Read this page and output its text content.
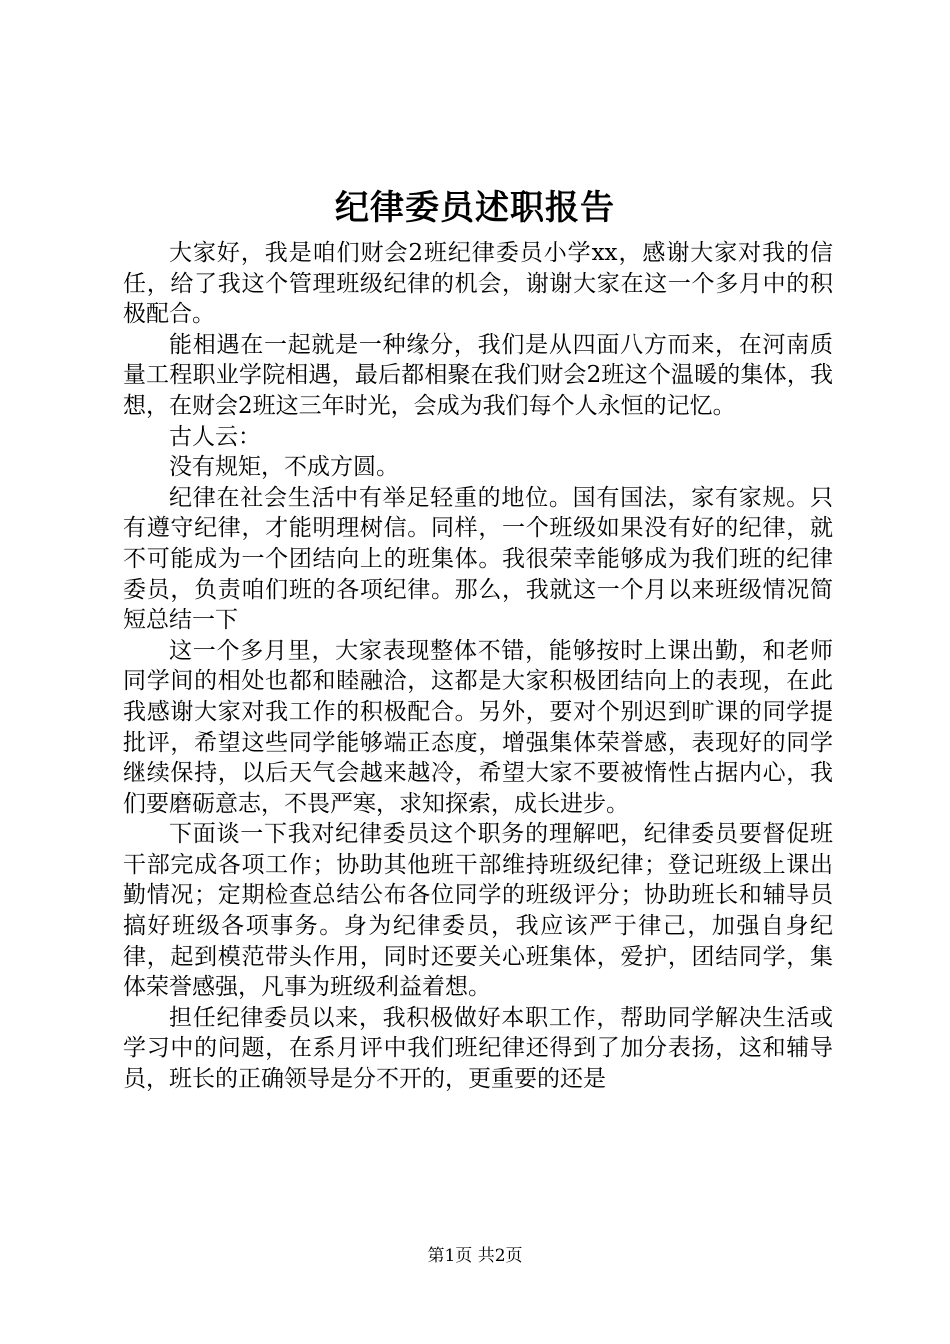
纪律委员述职报告

大家好，我是咱们财会2班纪律委员小学xx，感谢大家对我的信任，给了我这个管理班级纪律的机会，谢谢大家在这一个多月中的积极配合。

能相遇在一起就是一种缘分，我们是从四面八方而来，在河南质量工程职业学院相遇，最后都相聚在我们财会2班这个温暖的集体，我想，在财会2班这三年时光，会成为我们每个人永恒的记忆。

古人云：

没有规矩，不成方圆。

纪律在社会生活中有举足轻重的地位。国有国法，家有家规。只有遵守纪律，才能明理树信。同样，一个班级如果没有好的纪律，就不可能成为一个团结向上的班集体。我很荣幸能够成为我们班的纪律委员，负责咱们班的各项纪律。那么，我就这一个月以来班级情况简短总结一下

这一个多月里，大家表现整体不错，能够按时上课出勤，和老师同学间的相处也都和睦融洽，这都是大家积极团结向上的表现，在此我感谢大家对我工作的积极配合。另外，要对个别迟到旷课的同学提批评，希望这些同学能够端正态度，增强集体荣誉感，表现好的同学继续保持，以后天气会越来越冷，希望大家不要被惰性占据内心，我们要磨砺意志，不畏严寒，求知探索，成长进步。

下面谈一下我对纪律委员这个职务的理解吧，纪律委员要督促班干部完成各项工作；协助其他班干部维持班级纪律；登记班级上课出勤情况；定期检查总结公布各位同学的班级评分；协助班长和辅导员搞好班级各项事务。身为纪律委员，我应该严于律己，加强自身纪律，起到模范带头作用，同时还要关心班集体，爱护，团结同学，集体荣誉感强，凡事为班级利益着想。

担任纪律委员以来，我积极做好本职工作，帮助同学解决生活或学习中的问题，在系月评中我们班纪律还得到了加分表扬，这和辅导员，班长的正确领导是分不开的，更重要的还是

第1页 共2页
